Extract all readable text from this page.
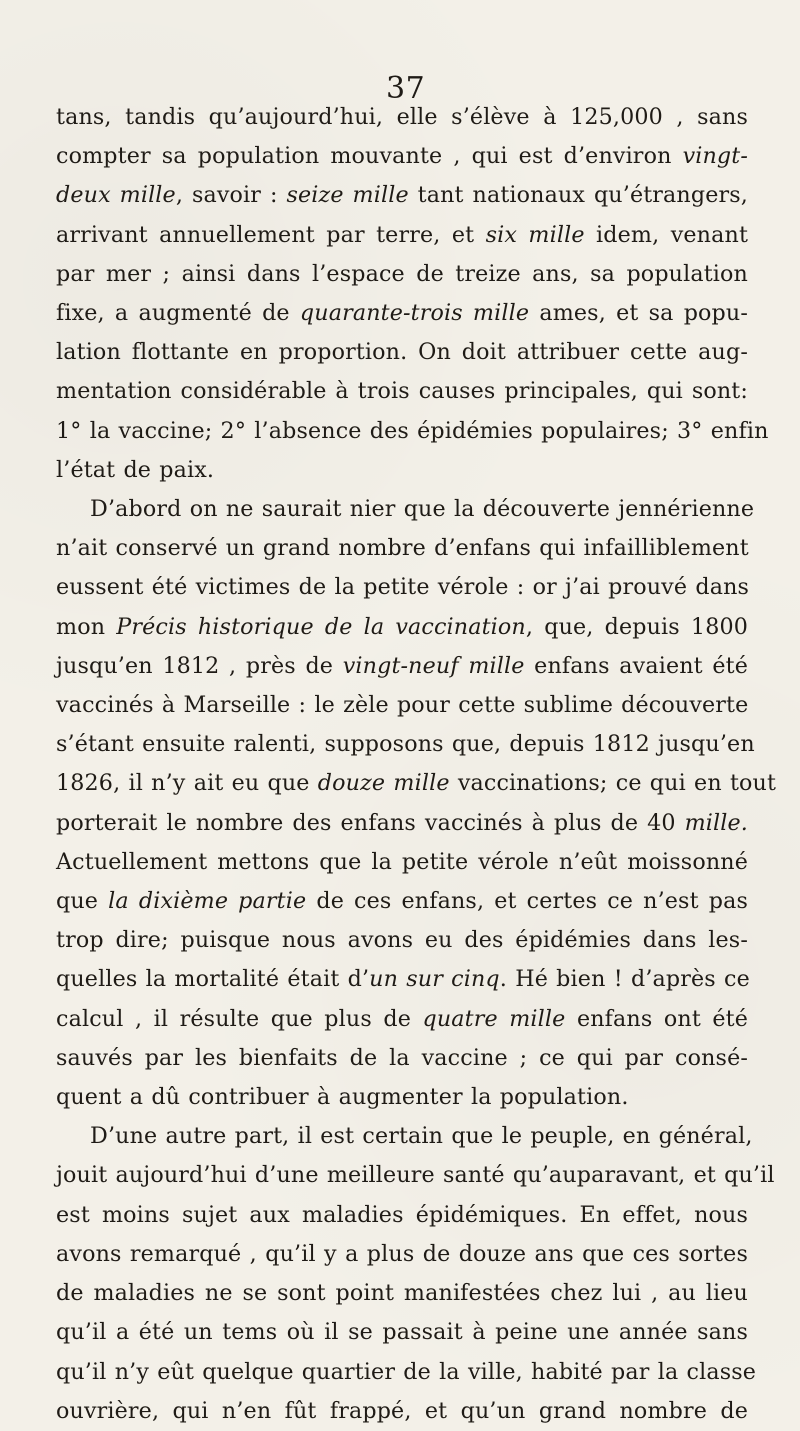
37
tans, tandis qu’aujourd’hui, elle s’élève à 125,000 , sans
compter sa population mouvante , qui est d’environ vingt-
deux mille, savoir : seize mille tant nationaux qu’étrangers,
arrivant annuellement par terre, et six mille idem, venant
par mer ; ainsi dans l’espace de treize ans, sa population
fixe, a augmenté de quarante-trois mille ames, et sa popu-
lation flottante en proportion. On doit attribuer cette aug-
mentation considérable à trois causes principales, qui sont:
1° la vaccine; 2° l’absence des épidémies populaires; 3° enfin
l’état de paix.
D’abord on ne saurait nier que la découverte jennérienne
n’ait conservé un grand nombre d’enfans qui infailliblement
eussent été victimes de la petite vérole : or j’ai prouvé dans
mon Précis historique de la vaccination, que, depuis 1800
jusqu’en 1812 , près de vingt-neuf mille enfans avaient été
vaccinés à Marseille : le zèle pour cette sublime découverte
s’étant ensuite ralenti, supposons que, depuis 1812 jusqu’en
1826, il n’y ait eu que douze mille vaccinations; ce qui en tout
porterait le nombre des enfans vaccinés à plus de 40 mille.
Actuellement mettons que la petite vérole n’eût moissonné
que la dixième partie de ces enfans, et certes ce n’est pas
trop dire; puisque nous avons eu des épidémies dans les-
quelles la mortalité était d’un sur cinq. Hé bien ! d’après ce
calcul , il résulte que plus de quatre mille enfans ont été
sauvés par les bienfaits de la vaccine ; ce qui par consé-
quent a dû contribuer à augmenter la population.
D’une autre part, il est certain que le peuple, en général,
jouit aujourd’hui d’une meilleure santé qu’auparavant, et qu’il
est moins sujet aux maladies épidémiques. En effet, nous
avons remarqué , qu’il y a plus de douze ans que ces sortes
de maladies ne se sont point manifestées chez lui , au lieu
qu’il a été un tems où il se passait à peine une année sans
qu’il n’y eût quelque quartier de la ville, habité par la classe
ouvrière, qui n’en fût frappé, et qu’un grand nombre de
